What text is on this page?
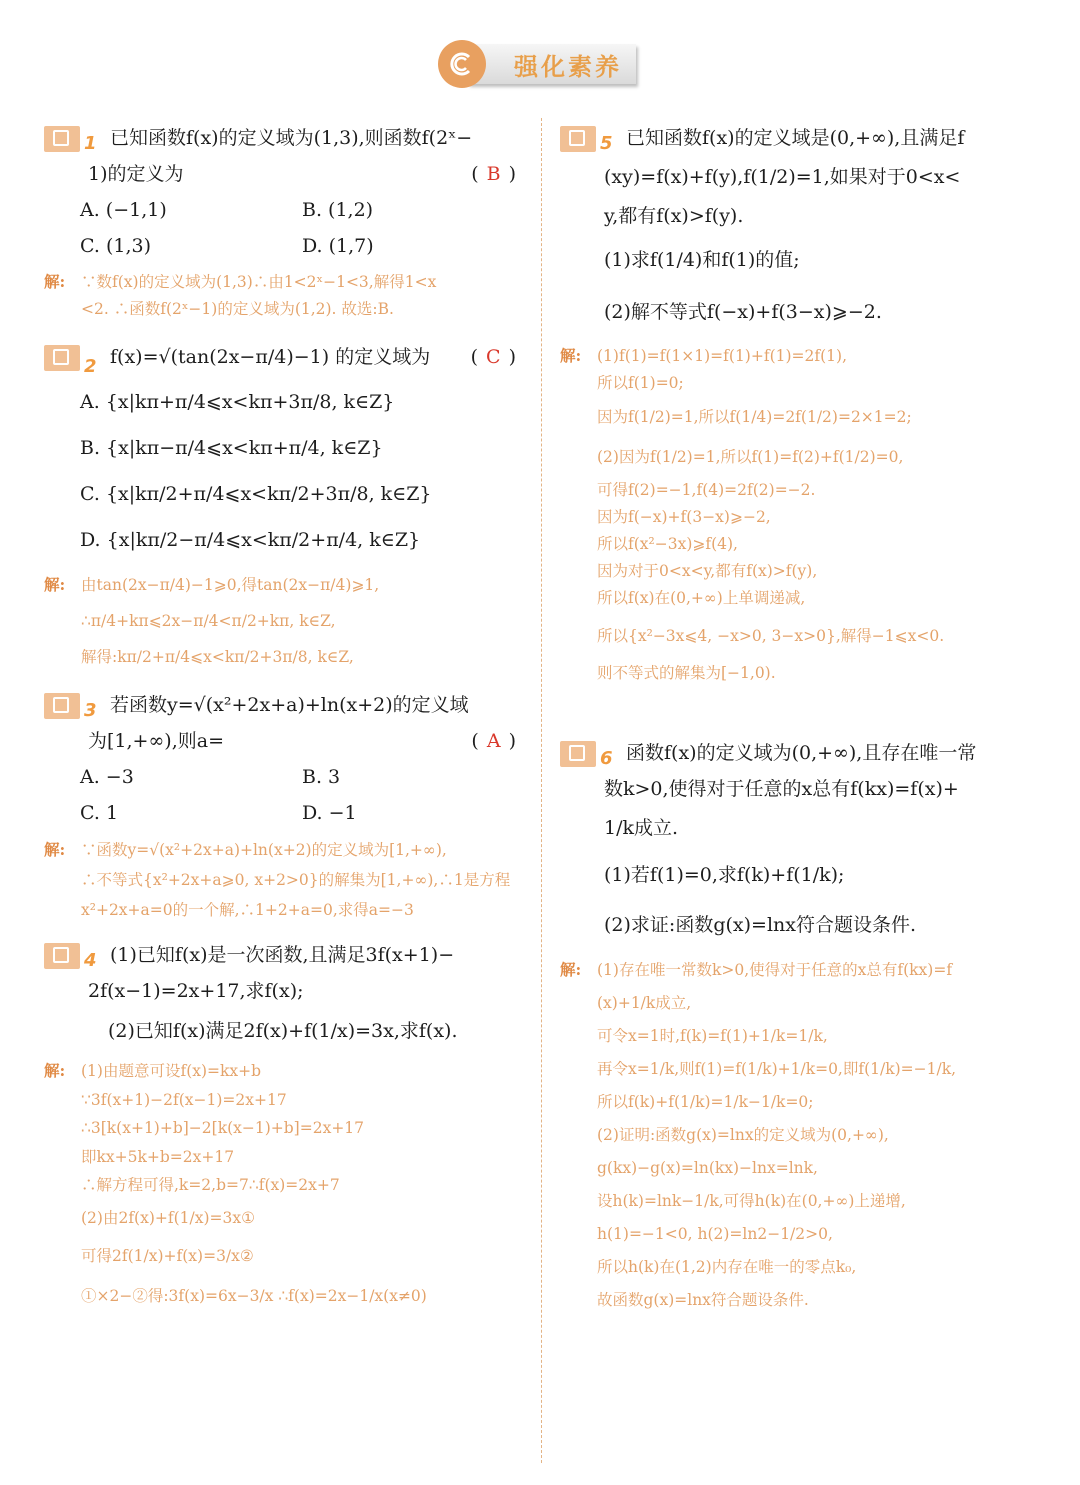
强化素养
1 已知函数f(x)的定义域为(1,3),则函数f(2ˣ−
1)的定义为	( B )
A. (−1,1)	B. (1,2)
C. (1,3)	D. (1,7)
解: ∵数f(x)的定义域为(1,3)∴由1<2ˣ−1<3,解得1<x
<2. ∴函数f(2ˣ−1)的定义域为(1,2). 故选:B.
2 f(x)=√(tan(2x−π/4)−1) 的定义域为 ( C )
A. {x|kπ+π/4⩽x<kπ+3π/8, k∈Z}
B. {x|kπ−π/4⩽x<kπ+π/4, k∈Z}
C. {x|kπ/2+π/4⩽x<kπ/2+3π/8, k∈Z}
D. {x|kπ/2−π/4⩽x<kπ/2+π/4, k∈Z}
解: 由tan(2x−π/4)−1⩾0,得tan(2x−π/4)⩾1,
∴π/4+kπ⩽2x−π/4<π/2+kπ, k∈Z,
解得:kπ/2+π/4⩽x<kπ/2+3π/8, k∈Z,
3 若函数y=√(x²+2x+a)+ln(x+2)的定义域
为[1,+∞),则a=	( A )
A. −3	B. 3
C. 1	D. −1
解: ∵函数y=√(x²+2x+a)+ln(x+2)的定义域为[1,+∞),
∴不等式{x²+2x+a⩾0, x+2>0}的解集为[1,+∞),∴1是方程
x²+2x+a=0的一个解,∴1+2+a=0,求得a=−3
4 (1)已知f(x)是一次函数,且满足3f(x+1)−
2f(x−1)=2x+17,求f(x);
(2)已知f(x)满足2f(x)+f(1/x)=3x,求f(x).
解: (1)由题意可设f(x)=kx+b
∵3f(x+1)−2f(x−1)=2x+17
∴3[k(x+1)+b]−2[k(x−1)+b]=2x+17
即kx+5k+b=2x+17
∴解方程可得,k=2,b=7∴f(x)=2x+7
(2)由2f(x)+f(1/x)=3x①
可得2f(1/x)+f(x)=3/x②
①×2−②得:3f(x)=6x−3/x ∴f(x)=2x−1/x(x≠0)
5 已知函数f(x)的定义域是(0,+∞),且满足f
(xy)=f(x)+f(y),f(1/2)=1,如果对于0<x<
y,都有f(x)>f(y).
(1)求f(1/4)和f(1)的值;
(2)解不等式f(−x)+f(3−x)⩾−2.
解: (1)f(1)=f(1×1)=f(1)+f(1)=2f(1),
所以f(1)=0;
因为f(1/2)=1,所以f(1/4)=2f(1/2)=2×1=2;
(2)因为f(1/2)=1,所以f(1)=f(2)+f(1/2)=0,
可得f(2)=−1,f(4)=2f(2)=−2.
因为f(−x)+f(3−x)⩾−2,
所以f(x²−3x)⩾f(4),
因为对于0<x<y,都有f(x)>f(y),
所以f(x)在(0,+∞)上单调递减,
所以{x²−3x⩽4, −x>0, 3−x>0},解得−1⩽x<0.
则不等式的解集为[−1,0).
6 函数f(x)的定义域为(0,+∞),且存在唯一常
数k>0,使得对于任意的x总有f(kx)=f(x)+
1/k成立.
(1)若f(1)=0,求f(k)+f(1/k);
(2)求证:函数g(x)=lnx符合题设条件.
解: (1)存在唯一常数k>0,使得对于任意的x总有f(kx)=f
(x)+1/k成立,
可令x=1时,f(k)=f(1)+1/k=1/k,
再令x=1/k,则f(1)=f(1/k)+1/k=0,即f(1/k)=−1/k,
所以f(k)+f(1/k)=1/k−1/k=0;
(2)证明:函数g(x)=lnx的定义域为(0,+∞),
g(kx)−g(x)=ln(kx)−lnx=lnk,
设h(k)=lnk−1/k,可得h(k)在(0,+∞)上递增,
h(1)=−1<0, h(2)=ln2−1/2>0,
所以h(k)在(1,2)内存在唯一的零点k₀,
故函数g(x)=lnx符合题设条件.
